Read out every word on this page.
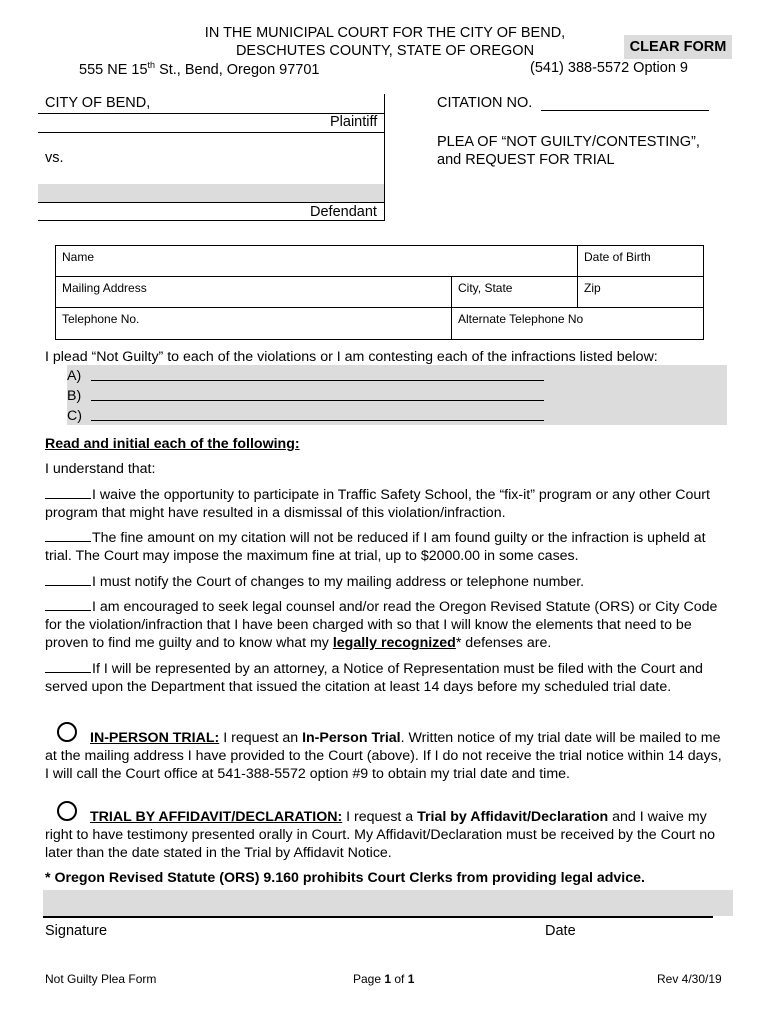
IN THE MUNICIPAL COURT FOR THE CITY OF BEND,
DESCHUTES COUNTY, STATE OF OREGON	CLEAR FORM
555 NE 15th St., Bend, Oregon 97701	(541) 388-5572 Option 9
CITY OF BEND,
Plaintiff
vs.
Defendant
CITATION NO.
PLEA OF “NOT GUILTY/CONTESTING”,
and REQUEST FOR TRIAL
Name	Date of Birth
Mailing Address	City, State	Zip
Telephone No.	Alternate Telephone No
I plead “Not Guilty” to each of the violations or I am contesting each of the infractions listed below:
A)
B)
C)
Read and initial each of the following:
I understand that:
I waive the opportunity to participate in Traffic Safety School, the “fix-it” program or any other Court program that might have resulted in a dismissal of this violation/infraction.
The fine amount on my citation will not be reduced if I am found guilty or the infraction is upheld at trial. The Court may impose the maximum fine at trial, up to $2000.00 in some cases.
I must notify the Court of changes to my mailing address or telephone number.
I am encouraged to seek legal counsel and/or read the Oregon Revised Statute (ORS) or City Code for the violation/infraction that I have been charged with so that I will know the elements that need to be proven to find me guilty and to know what my legally recognized* defenses are.
If I will be represented by an attorney, a Notice of Representation must be filed with the Court and served upon the Department that issued the citation at least 14 days before my scheduled trial date.
IN-PERSON TRIAL: I request an In-Person Trial. Written notice of my trial date will be mailed to me at the mailing address I have provided to the Court (above). If I do not receive the trial notice within 14 days, I will call the Court office at 541-388-5572 option #9 to obtain my trial date and time.
TRIAL BY AFFIDAVIT/DECLARATION: I request a Trial by Affidavit/Declaration and I waive my right to have testimony presented orally in Court. My Affidavit/Declaration must be received by the Court no later than the date stated in the Trial by Affidavit Notice.
* Oregon Revised Statute (ORS) 9.160 prohibits Court Clerks from providing legal advice.
Signature	Date
Not Guilty Plea Form	Page 1 of 1	Rev 4/30/19
